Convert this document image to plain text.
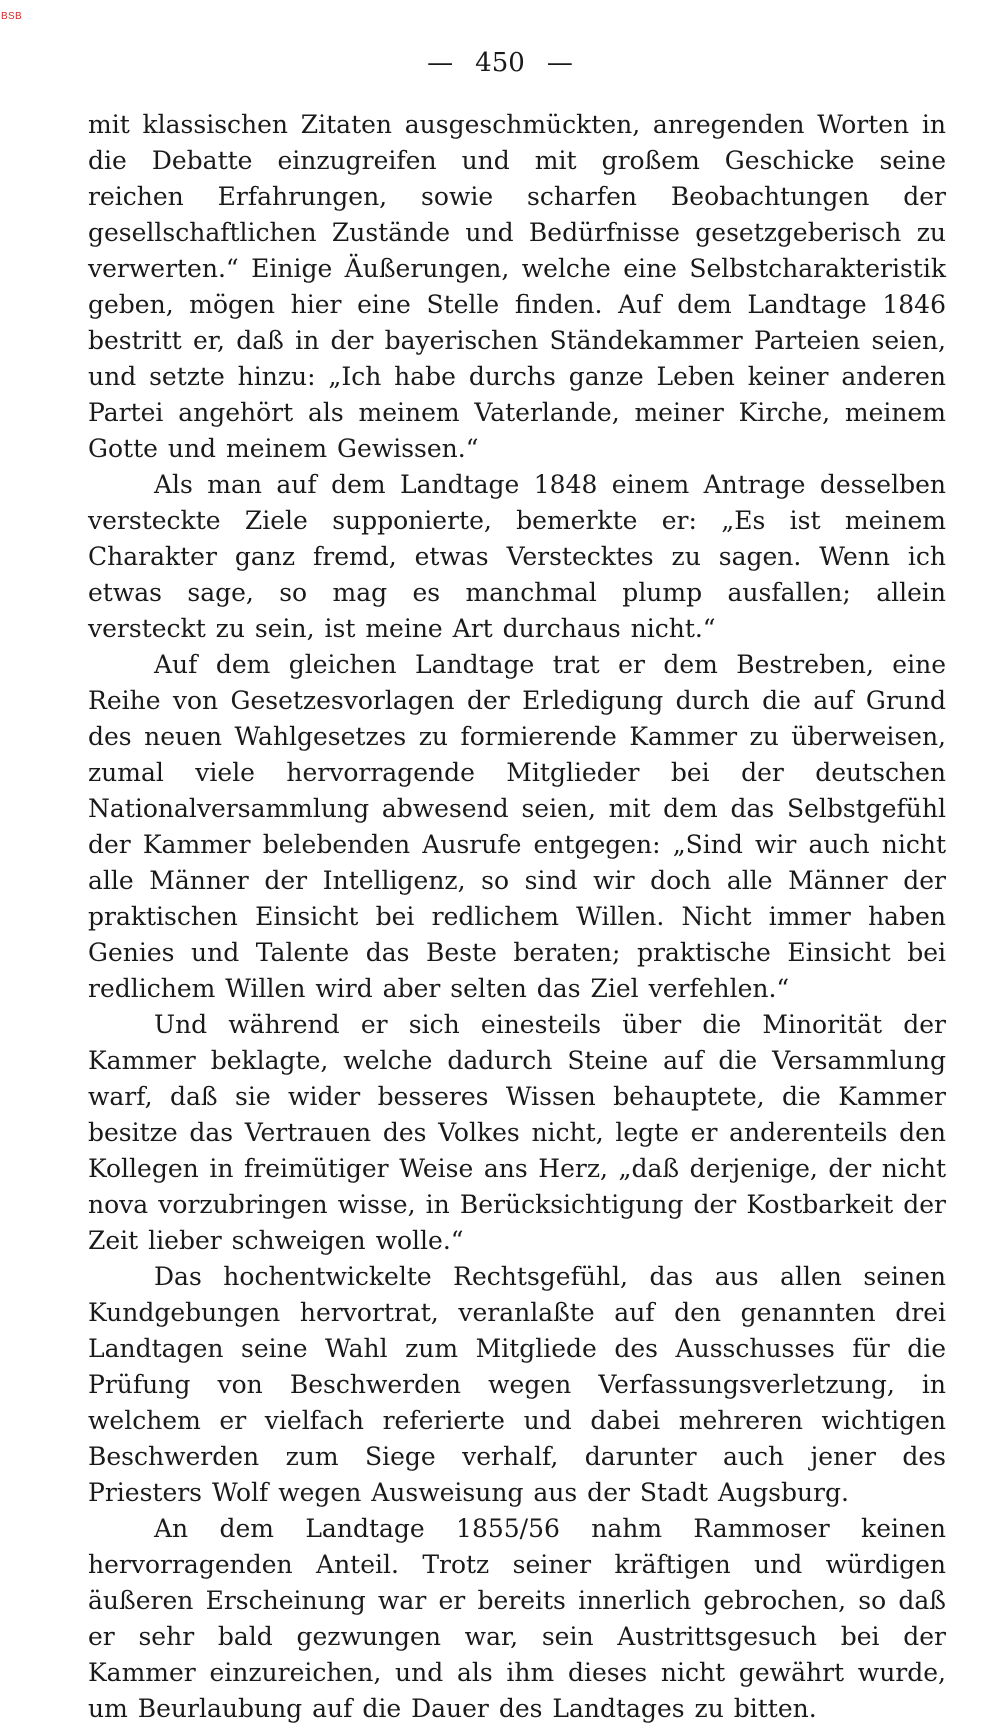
BSB
— 450 —

mit klassischen Zitaten ausgeschmückten, anregenden Worten in die Debatte einzugreifen und mit großem Geschicke seine reichen Erfahrungen, sowie scharfen Beobachtungen der gesellschaftlichen Zustände und Bedürfnisse gesetzgeberisch zu verwerten.“ Einige Äußerungen, welche eine Selbstcharakteristik geben, mögen hier eine Stelle finden. Auf dem Landtage 1846 bestritt er, daß in der bayerischen Ständekammer Parteien seien, und setzte hinzu: „Ich habe durchs ganze Leben keiner anderen Partei angehört als meinem Vaterlande, meiner Kirche, meinem Gotte und meinem Gewissen.“

Als man auf dem Landtage 1848 einem Antrage desselben versteckte Ziele supponierte, bemerkte er: „Es ist meinem Charakter ganz fremd, etwas Verstecktes zu sagen. Wenn ich etwas sage, so mag es manchmal plump ausfallen; allein versteckt zu sein, ist meine Art durchaus nicht.“

Auf dem gleichen Landtage trat er dem Bestreben, eine Reihe von Gesetzesvorlagen der Erledigung durch die auf Grund des neuen Wahlgesetzes zu formierende Kammer zu überweisen, zumal viele hervorragende Mitglieder bei der deutschen Nationalversammlung abwesend seien, mit dem das Selbstgefühl der Kammer belebenden Ausrufe entgegen: „Sind wir auch nicht alle Männer der Intelligenz, so sind wir doch alle Männer der praktischen Einsicht bei redlichem Willen. Nicht immer haben Genies und Talente das Beste beraten; praktische Einsicht bei redlichem Willen wird aber selten das Ziel verfehlen.“

Und während er sich einesteils über die Minorität der Kammer beklagte, welche dadurch Steine auf die Versammlung warf, daß sie wider besseres Wissen behauptete, die Kammer besitze das Vertrauen des Volkes nicht, legte er anderenteils den Kollegen in freimütiger Weise ans Herz, „daß derjenige, der nicht nova vorzubringen wisse, in Berücksichtigung der Kostbarkeit der Zeit lieber schweigen wolle.“

Das hochentwickelte Rechtsgefühl, das aus allen seinen Kundgebungen hervortrat, veranlaßte auf den genannten drei Landtagen seine Wahl zum Mitgliede des Ausschusses für die Prüfung von Beschwerden wegen Verfassungsverletzung, in welchem er vielfach referierte und dabei mehreren wichtigen Beschwerden zum Siege verhalf, darunter auch jener des Priesters Wolf wegen Ausweisung aus der Stadt Augsburg.

An dem Landtage 1855/56 nahm Rammoser keinen hervorragenden Anteil. Trotz seiner kräftigen und würdigen äußeren Erscheinung war er bereits innerlich gebrochen, so daß er sehr bald gezwungen war, sein Austrittsgesuch bei der Kammer einzureichen, und als ihm dieses nicht gewährt wurde, um Beurlaubung auf die Dauer des Landtages zu bitten.
